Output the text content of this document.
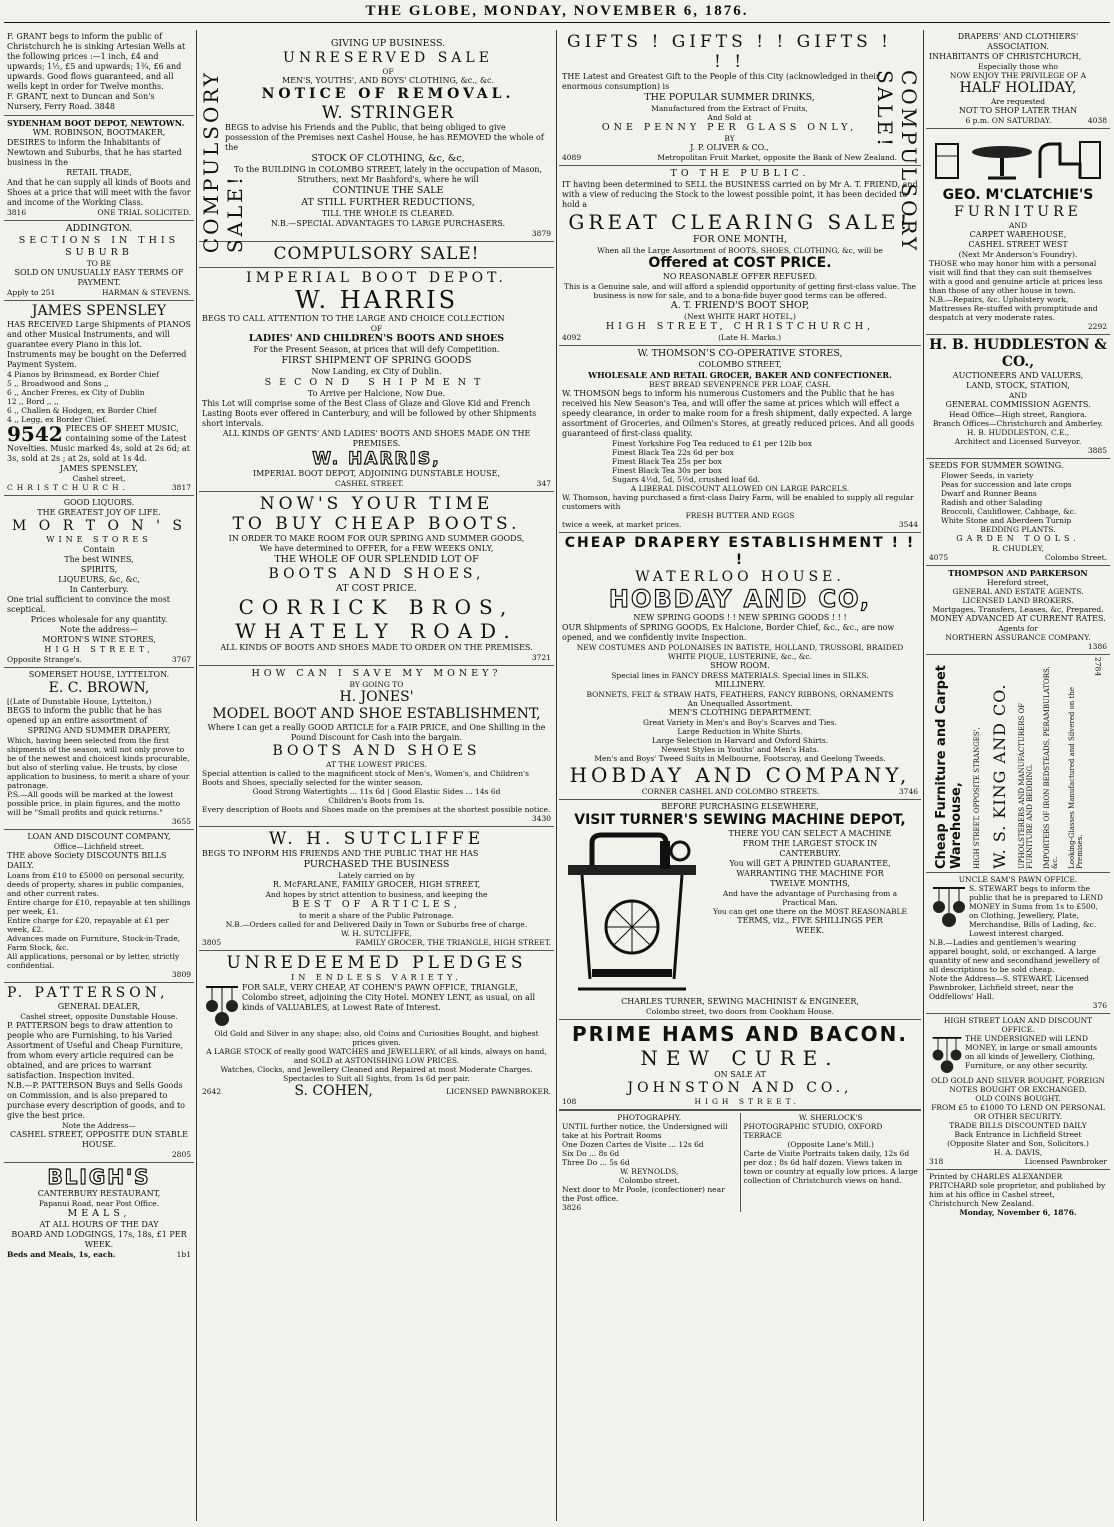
THE GLOBE, MONDAY, NOVEMBER 6, 1876.
F. GRANT begs to inform the public of Christchurch he is sinking Artesian Wells at the following prices :—1 inch, £4 and upwards; 1½, £5 and upwards; 1¾, £6 and upwards. Good flows guaranteed, and all wells kept in order for Twelve months.
F. GRANT, next to Duncan and Son's Nursery, Ferry Road. 3848
SYDENHAM BOOT DEPOT, NEWTOWN.
WM. ROBINSON, BOOTMAKER,
DESIRES to inform the Inhabitants of Newtown and Suburbs, that he has started business in the
RETAIL TRADE,
And that he can supply all kinds of Boots and Shoes at a price that will meet with the favor and income of the Working Class.
3816	ONE TRIAL SOLICITED.
ADDINGTON.
SECTIONS IN THIS SUBURB
TO BE
SOLD ON UNUSUALLY EASY TERMS OF PAYMENT.
Apply to 251	HARMAN & STEVENS.
JAMES SPENSLEY
HAS RECEIVED Large Shipments of PIANOS and other Musical Instruments, and will guarantee every Piano in this lot. Instruments may be bought on the Deferred Payment System.
4 Pianos by Brinsmead, ex Border Chief
5 ,, Broadwood and Sons ,,
6 ,, Ancher Freres, ex City of Dublin
12 ,, Bord ,, ,,
6 ,, Challen & Hodgen, ex Border Chief
4 ,, Legg, ex Border Chief.
9542 PIECES OF SHEET MUSIC, containing some of the Latest Novelties. Music marked 4s, sold at 2s 6d; at 3s, sold at 2s ; at 2s, sold at 1s 4d.
JAMES SPENSLEY,
Cashel street,
CHRISTCHURCH.	3817
GOOD LIQUORS.
THE GREATEST JOY OF LIFE.
M O R T O N ' S
WINE STORES
Contain
The best WINES,
SPIRITS,
LIQUEURS, &c, &c,
In Canterbury.
One trial sufficient to convince the most sceptical.
Prices wholesale for any quantity.
Note the address—
MORTON'S WINE STORES,
HIGH STREET,
Opposite Strange's.	3767
SOMERSET HOUSE, LYTTELTON.
E. C. BROWN,
[(Late of Dunstable House, Lyttelton,)
BEGS to inform the public that he has opened up an entire assortment of
SPRING AND SUMMER DRAPERY,
Which, having been selected from the first shipments of the season, will not only prove to be of the newest and choicest kinds procurable, but also of sterling value. He trusts, by close application to business, to merit a share of your patronage.
P.S.—All goods will be marked at the lowest possible price, in plain figures, and the motto will be "Small profits and quick returns."
3655
LOAN AND DISCOUNT COMPANY,
Office—Lichfield street.
THE above Society DISCOUNTS BILLS DAILY.
Loans from £10 to £5000 on personal security, deeds of property, shares in public companies, and other current rates.
Entire charge for £10, repayable at ten shillings per week, £1.
Entire charge for £20, repayable at £1 per week, £2.
Advances made on Furniture, Stock-in-Trade, Farm Stock, &c.
All applications, personal or by letter, strictly confidential.
3809
P. PATTERSON,
GENERAL DEALER,
Cashel street, opposite Dunstable House.
P. PATTERSON begs to draw attention to people who are Furnishing, to his Varied Assortment of Useful and Cheap Furniture, from whom every article required can be obtained, and are prices to warrant satisfaction. Inspection invited.
N.B.—P. PATTERSON Buys and Sells Goods on Commission, and is also prepared to purchase every description of goods, and to give the best price.
Note the Address—
CASHEL STREET, OPPOSITE DUN STABLE HOUSE.
2805
BLIGH'S
CANTERBURY RESTAURANT,
Papanui Road, near Post Office.
MEALS,
AT ALL HOURS OF THE DAY
BOARD AND LODGINGS, 17s, 18s, £1 PER WEEK.
Beds and Meals, 1s, each.	1b1
COMPULSORY SALE!
GIVING UP BUSINESS.
UNRESERVED SALE
OF
MEN'S, YOUTHS', AND BOYS' CLOTHING, &c., &c.
NOTICE OF REMOVAL.
W. STRINGER
BEGS to advise his Friends and the Public, that being obliged to give possession of the Premises next Cashel House, he has REMOVED the whole of the
STOCK OF CLOTHING, &c, &c,
To the BUILDING in COLOMBO STREET, lately in the occupation of Mason, Struthers, next Mr Bashford's, where he will
CONTINUE THE SALE
AT STILL FURTHER REDUCTIONS,
TILL THE WHOLE IS CLEARED.
N.B.—SPECIAL ADVANTAGES TO LARGE PURCHASERS.
3879
COMPULSORY SALE!
IMPERIAL BOOT DEPOT.
W. HARRIS
BEGS TO CALL ATTENTION TO THE LARGE AND CHOICE COLLECTION
OF
LADIES' AND CHILDREN'S BOOTS AND SHOES
For the Present Season, at prices that will defy Competition.
FIRST SHIPMENT OF SPRING GOODS
Now Landing, ex City of Dublin.
SECOND SHIPMENT
To Arrive per Halcione, Now Due.
This Lot will comprise some of the Best Class of Glaze and Glove Kid and French Lasting Boots ever offered in Canterbury, and will be followed by other Shipments short intervals.
ALL KINDS OF GENTS' AND LADIES' BOOTS AND SHOES MADE ON THE PREMISES.
W. HARRIS,
IMPERIAL BOOT DEPOT, ADJOINING DUNSTABLE HOUSE,
CASHEL STREET.	347
NOW'S YOUR TIME
TO BUY CHEAP BOOTS.
IN ORDER TO MAKE ROOM FOR OUR SPRING AND SUMMER GOODS,
We have determined to OFFER, for a FEW WEEKS ONLY,
THE WHOLE OF OUR SPLENDID LOT OF
BOOTS AND SHOES,
AT COST PRICE.
CORRICK BROS,
WHATELY ROAD.
ALL KINDS OF BOOTS AND SHOES MADE TO ORDER ON THE PREMISES.
3721
HOW CAN I SAVE MY MONEY?
BY GOING TO
H. JONES'
MODEL BOOT AND SHOE ESTABLISHMENT,
Where I can get a really GOOD ARTICLE for a FAIR PRICE, and One Shilling in the Pound Discount for Cash into the bargain.
BOOTS AND SHOES
AT THE LOWEST PRICES.
Special attention is called to the magnificent stock of Men's, Women's, and Children's Boots and Shoes, specially selected for the winter season.
Good Strong Watertights ... 11s 6d | Good Elastic Sides ... 14s 6d
Children's Boots from 1s.
Every description of Boots and Shoes made on the premises at the shortest possible notice.
3430
W. H. SUTCLIFFE
BEGS TO INFORM HIS FRIENDS AND THE PUBLIC THAT HE HAS
PURCHASED THE BUSINESS
Lately carried on by
R. McFARLANE, FAMILY GROCER, HIGH STREET,
And hopes by strict attention to business, and keeping the
BEST OF ARTICLES,
to merit a share of the Public Patronage.
N.B.—Orders called for and Delivered Daily in Town or Suburbs free of charge.
W. H. SUTCLIFFE,
3805	FAMILY GROCER, THE TRIANGLE, HIGH STREET.
UNREDEEMED PLEDGES
IN ENDLESS VARIETY.
FOR SALE, VERY CHEAP, AT COHEN'S PAWN OFFICE, TRIANGLE, Colombo street, adjoining the City Hotel. MONEY LENT, as usual, on all kinds of VALUABLES, at Lowest Rate of Interest.
Old Gold and Silver in any shape; also, old Coins and Curiosities Bought, and highest prices given.
A LARGE STOCK of really good WATCHES and JEWELLERY, of all kinds, always on hand, and SOLD at ASTONISHING LOW PRICES.
Watches, Clocks, and Jewellery Cleaned and Repaired at most Moderate Charges. Spectacles to Suit all Sights, from 1s 6d per pair.
2642	S. COHEN,	LICENSED PAWNBROKER.
COMPULSORY SALE!
GIFTS ! GIFTS ! ! GIFTS ! ! !
THE Latest and Greatest Gift to the People of this City (acknowledged in their enormous consumption) is
THE POPULAR SUMMER DRINKS,
Manufactured from the Extract of Fruits,
And Sold at
ONE PENNY PER GLASS ONLY,
BY
J. P. OLIVER & CO.,
4089	Metropolitan Fruit Market, opposite the Bank of New Zealand.
TO THE PUBLIC.
IT having been determined to SELL the BUSINESS carried on by Mr A. T. FRIEND, and with a view of reducing the Stock to the lowest possible point, it has been decided to hold a
GREAT CLEARING SALE!
FOR ONE MONTH,
When all the Large Assortment of BOOTS, SHOES, CLOTHING, &c, will be
Offered at COST PRICE.
NO REASONABLE OFFER REFUSED.
This is a Genuine sale, and will afford a splendid opportunity of getting first-class value. The business is now for sale, and to a bona-fide buyer good terms can be offered.
A. T. FRIEND'S BOOT SHOP,
(Next WHITE HART HOTEL,)
HIGH STREET, CHRISTCHURCH,
4092	(Late H. Marks.)
W. THOMSON'S CO-OPERATIVE STORES,
COLOMBO STREET,
WHOLESALE AND RETAIL GROCER, BAKER AND CONFECTIONER.
BEST BREAD SEVENPENCE PER LOAF, CASH.
W. THOMSON begs to inform his numerous Customers and the Public that he has received his New Season's Tea, and will offer the same at prices which will effect a speedy clearance, in order to make room for a fresh shipment, daily expected. A large assortment of Groceries, and Oilmen's Stores, at greatly reduced prices. And all goods guaranteed of first-class quality.
Finest Yorkshire Fog Tea reduced to £1 per 12lb box
Finest Black Tea 22s 6d per box
Finest Black Tea 25s per box
Finest Black Tea 30s per box
Sugars 4½d, 5d, 5½d, crushed loaf 6d.
A LIBERAL DISCOUNT ALLOWED ON LARGE PARCELS.
W. Thomson, having purchased a first-class Dairy Farm, will be enabled to supply all regular customers with
FRESH BUTTER AND EGGS
twice a week, at market prices.	3544
CHEAP DRAPERY ESTABLISHMENT ! ! !
WATERLOO HOUSE.
HOBDAY AND CO,
NEW SPRING GOODS ! ! NEW SPRING GOODS ! ! !
OUR Shipments of SPRING GOODS, Ex Halcione, Border Chief, &c., &c., are now opened, and we confidently invite Inspection.
NEW COSTUMES AND POLONAISES IN BATISTE, HOLLAND, TRUSSORI, BRAIDED WHITE PIQUE, LUSTERINE, &c., &c.
SHOW ROOM.
Special lines in FANCY DRESS MATERIALS. Special lines in SILKS.
MILLINERY.
BONNETS, FELT & STRAW HATS, FEATHERS, FANCY RIBBONS, ORNAMENTS
An Unequalled Assortment.
MEN'S CLOTHING DEPARTMENT.
Great Variety in Men's and Boy's Scarves and Ties.
Large Reduction in White Shirts.
Large Selection in Harvard and Oxford Shirts.
Newest Styles in Youths' and Men's Hats.
Men's and Boys' Tweed Suits in Melbourne, Footscray, and Geelong Tweeds.
HOBDAY AND COMPANY,
CORNER CASHEL AND COLOMBO STREETS.	3746
BEFORE PURCHASING ELSEWHERE,
VISIT TURNER'S SEWING MACHINE DEPOT,
THERE YOU CAN SELECT A MACHINE
FROM THE LARGEST STOCK IN
CANTERBURY.
You will GET A PRINTED GUARANTEE,
WARRANTING THE MACHINE FOR
TWELVE MONTHS,
And have the advantage of Purchasing from a
Practical Man.
You can get one there on the MOST REASONABLE
TERMS, viz., FIVE SHILLINGS PER
WEEK.
CHARLES TURNER, SEWING MACHINIST & ENGINEER,
Colombo street, two doors from Cookham House.
PRIME HAMS AND BACON.
NEW CURE.
ON SALE AT
JOHNSTON AND CO.,
108	HIGH STREET.
PHOTOGRAPHY.
UNTIL further notice, the Undersigned will take at his Portrait Rooms
One Dozen Cartes de Visite ... 12s 6d
Six Do ... 8s 6d
Three Do ... 5s 6d
W. REYNOLDS,
Colombo street.
Next door to Mr Poole, (confectioner) near the Post office.
3826
W. SHERLOCK'S
PHOTOGRAPHIC STUDIO, OXFORD TERRACE
(Opposite Lane's Mill.)
Carte de Visite Portraits taken daily, 12s 6d per doz ; 8s 6d half dozen. Views taken in town or country at equally low prices. A large collection of Christchurch views on hand.
DRAPERS' AND CLOTHIERS' ASSOCIATION.
INHABITANTS OF CHRISTCHURCH,
Especially those who
NOW ENJOY THE PRIVILEGE OF A
HALF HOLIDAY,
Are requested
NOT TO SHOP LATER THAN
6 p.m. ON SATURDAY.	4038
GEO. M'CLATCHIE'S
FURNITURE
AND
CARPET WAREHOUSE,
CASHEL STREET WEST
(Next Mr Anderson's Foundry).
THOSE who may honor him with a personal visit will find that they can suit themselves with a good and genuine article at prices less than those of any other house in town.
N.B.—Repairs, &c. Upholstery work, Mattresses Re-stuffed with promptitude and despatch at very moderate rates.
2292
H. B. HUDDLESTON & CO.,
AUCTIONEERS AND VALUERS,
LAND, STOCK, STATION,
AND
GENERAL COMMISSION AGENTS.
Head Office—High street, Rangiora.
Branch Offices—Christchurch and Amberley.
H. B. HUDDLESTON, C.E.,
Architect and Licensed Surveyor.
3885
SEEDS FOR SUMMER SOWING.
Flower Seeds, in variety
Peas for succession and late crops
Dwarf and Runner Beans
Radish and other Salading
Broccoli, Cauliflower, Cabbage, &c.
White Stone and Aberdeen Turnip
BEDDING PLANTS.
GARDEN TOOLS.
R. CHUDLEY,
4075	Colombo Street.
THOMPSON AND PARKERSON
Hereford street,
GENERAL AND ESTATE AGENTS.
LICENSED LAND BROKERS.
Mortgages, Transfers, Leases, &c, Prepared.
MONEY ADVANCED AT CURRENT RATES.
Agents for
NORTHERN ASSURANCE COMPANY.
1386
2784
Looking-Glasses Manufactured and Silvered on the Premises.
IMPORTERS OF IRON BEDSTEADS, PERAMBULATORS, &c.
UPHOLSTERERS AND MANUFACTURERS OF FURNITURE AND BEDDING.
W. S. KING AND CO.
HIGH STREET, OPPOSITE STRANGES',
Cheap Furniture and Carpet Warehouse,
UNCLE SAM'S PAWN OFFICE.
S. STEWART begs to inform the public that he is prepared to LEND MONEY in Sums from 1s to £500, on Clothing, Jewellery, Plate, Merchandise, Bills of Lading, &c. Lowest interest charged.
N.B.—Ladies and gentlemen's wearing apparel bought, sold, or exchanged. A large quantity of new and secondhand jewellery of all descriptions to be sold cheap.
Note the Address—S. STEWART, Licensed Pawnbroker, Lichfield street, near the Oddfellows' Hall.
376
HIGH STREET LOAN AND DISCOUNT OFFICE.
THE UNDERSIGNED will LEND MONEY, in large or small amounts on all kinds of Jewellery, Clothing, Furniture, or any other security.
OLD GOLD AND SILVER BOUGHT, FOREIGN NOTES BOUGHT OR EXCHANGED.
OLD COINS BOUGHT.
FROM £5 to £1000 TO LEND ON PERSONAL OR OTHER SECURITY.
TRADE BILLS DISCOUNTED DAILY
Back Entrance in Lichfield Street
(Opposite Slater and Son, Solicitors.)
H. A. DAVIS,
318	Licensed Pawnbroker
Printed by CHARLES ALEXANDER PRITCHARD sole proprietor, and published by him at his office in Cashel street, Christchurch New Zealand.
Monday, November 6, 1876.
